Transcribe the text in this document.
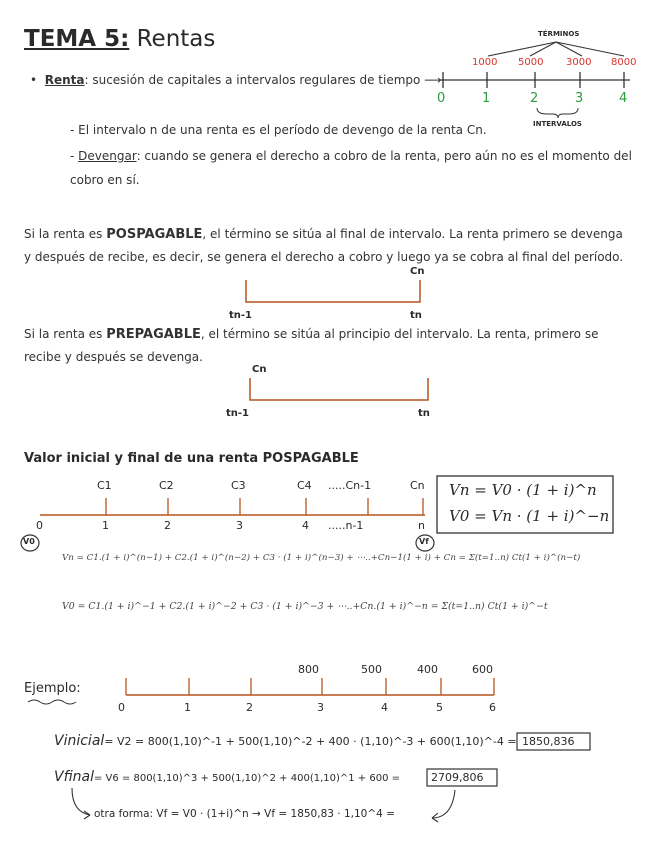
TEMA 5: Rentas
• Renta: sucesión de capitales a intervalos regulares de tiempo ⟶
TÉRMINOS
1000 5000 3000 8000
0	1	2	3	4
INTERVALOS
- El intervalo n de una renta es el período de devengo de la renta Cn.
- Devengar: cuando se genera el derecho a cobro de la renta, pero aún no es el momento del
cobro en sí.
Si la renta es POSPAGABLE, el término se sitúa al final de intervalo. La renta primero se devenga
y después de recibe, es decir, se genera el derecho a cobro y luego ya se cobra al final del período.
Cn
tn-1	tn
Si la renta es PREPAGABLE, el término se sitúa al principio del intervalo. La renta, primero se
recibe y después se devenga.
Cn
tn-1	tn
Valor inicial y final de una renta POSPAGABLE
C1	C2	C3	C4 .....Cn-1	Cn
0	1	2	3	4 .....n-1	n
V0	Vf
Vn = V0 · (1 + i)^n
V0 = Vn · (1 + i)^−n
Vn = C1.(1 + i)^(n−1) + C2.(1 + i)^(n−2) + C3 · (1 + i)^(n−3) + ⋯..+Cn−1(1 + i) + Cn = Σ(t=1..n) Ct(1 + i)^(n−t)
V0 = C1.(1 + i)^−1 + C2.(1 + i)^−2 + C3 · (1 + i)^−3 + ⋯..+Cn.(1 + i)^−n = Σ(t=1..n) Ct(1 + i)^−t
Ejemplo:
800	500	400	600
0	1	2	3	4	5	6
Vinicial= V2 = 800(1,10)^-1 + 500(1,10)^-2 + 400 · (1,10)^-3 + 600(1,10)^-4 = 1850,836
Vfinal= V6 = 800(1,10)^3 + 500(1,10)^2 + 400(1,10)^1 + 600 =	2709,806
otra forma: Vf = V0 · (1+i)^n → Vf = 1850,83 · 1,10^4 =
